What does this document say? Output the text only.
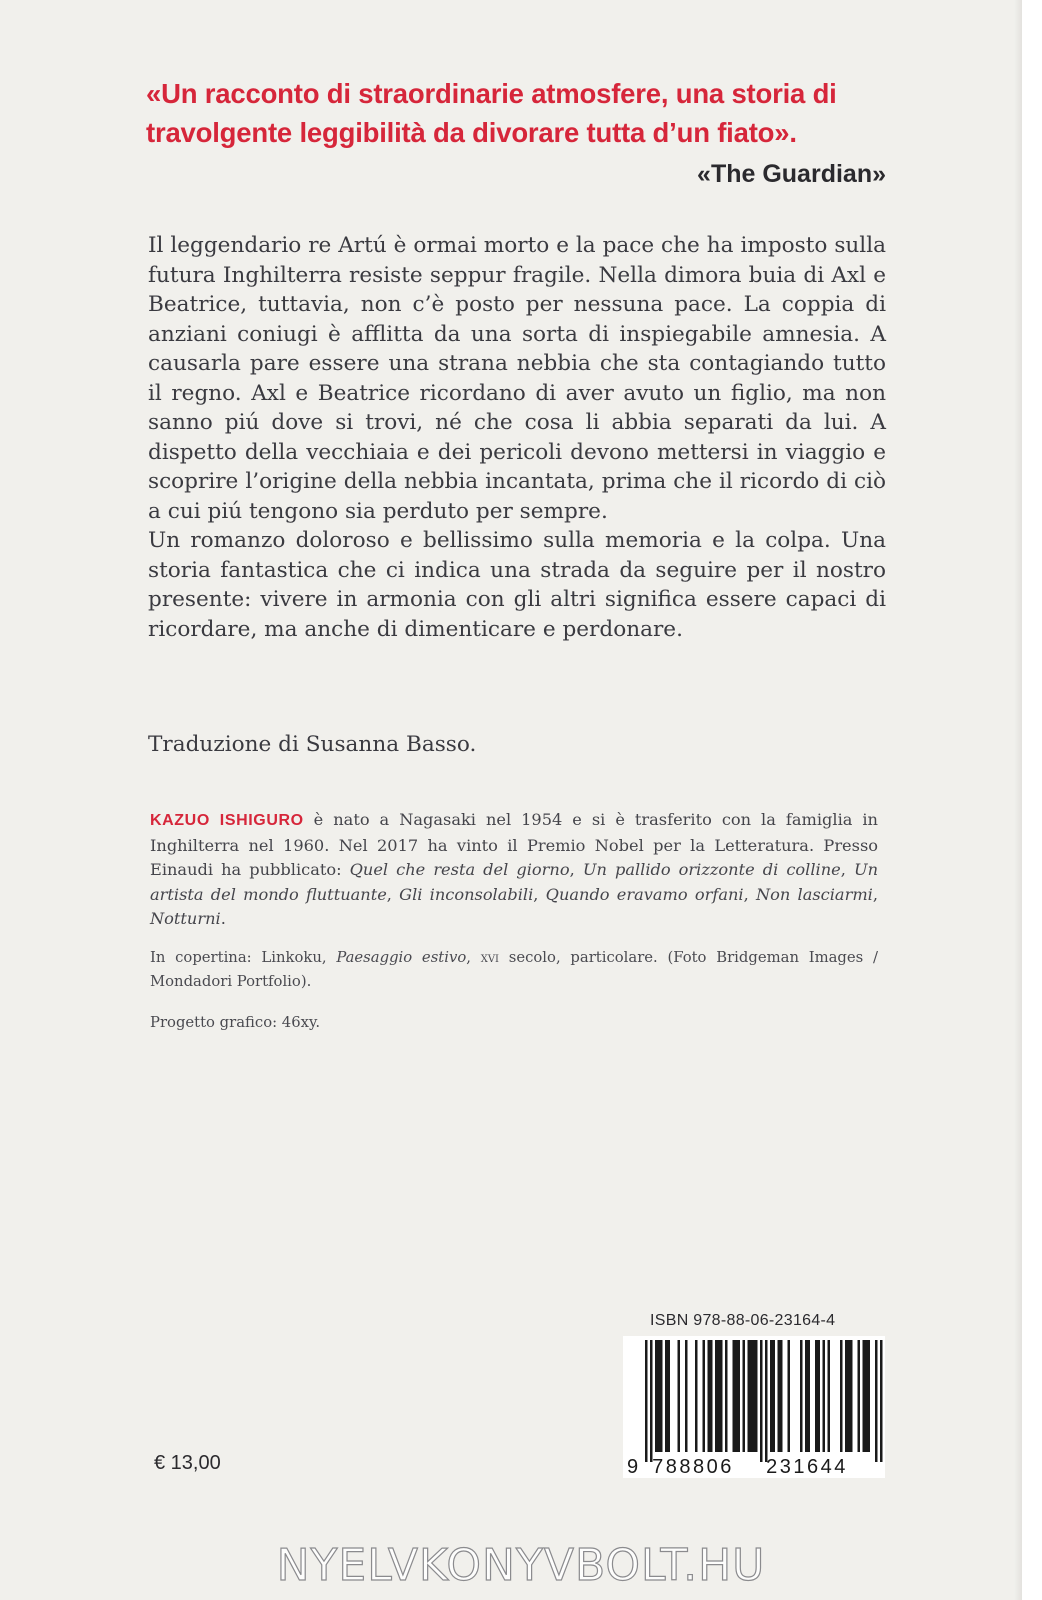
«Un racconto di straordinarie atmosfere, una storia di
travolgente leggibilità da divorare tutta d’un fiato».
«The Guardian»

Il leggendario re Artú è ormai morto e la pace che ha imposto sulla futura Inghilterra resiste seppur fragile. Nella dimora buia di Axl e Beatrice, tuttavia, non c’è posto per nessuna pace. La coppia di anziani coniugi è afflitta da una sorta di inspiegabile amnesia. A causarla pare essere una strana nebbia che sta contagiando tutto il regno. Axl e Beatrice ricordano di aver avuto un figlio, ma non sanno piú dove si trovi, né che cosa li abbia separati da lui. A dispetto della vecchiaia e dei pericoli devono mettersi in viaggio e scoprire l’origine della nebbia incantata, prima che il ricordo di ciò a cui piú tengono sia perduto per sempre.

Un romanzo doloroso e bellissimo sulla memoria e la colpa. Una storia fantastica che ci indica una strada da seguire per il nostro presente: vivere in armonia con gli altri significa essere capaci di ricordare, ma anche di dimenticare e perdonare.

Traduzione di Susanna Basso.
KAZUO ISHIGURO è nato a Nagasaki nel 1954 e si è trasferito con la famiglia in Inghilterra nel 1960. Nel 2017 ha vinto il Premio Nobel per la Letteratura. Presso Einaudi ha pubblicato: Quel che resta del giorno, Un pallido orizzonte di colline, Un artista del mondo fluttuante, Gli inconsolabili, Quando eravamo orfani, Non lasciarmi, Notturni.
In copertina: Linkoku, Paesaggio estivo, xvi secolo, particolare. (Foto Bridgeman Images / Mondadori Portfolio).
Progetto grafico: 46xy.
ISBN 978-88-06-23164-4
9 788806 231644
€ 13,00
NYELVKONYVBOLT.HU
